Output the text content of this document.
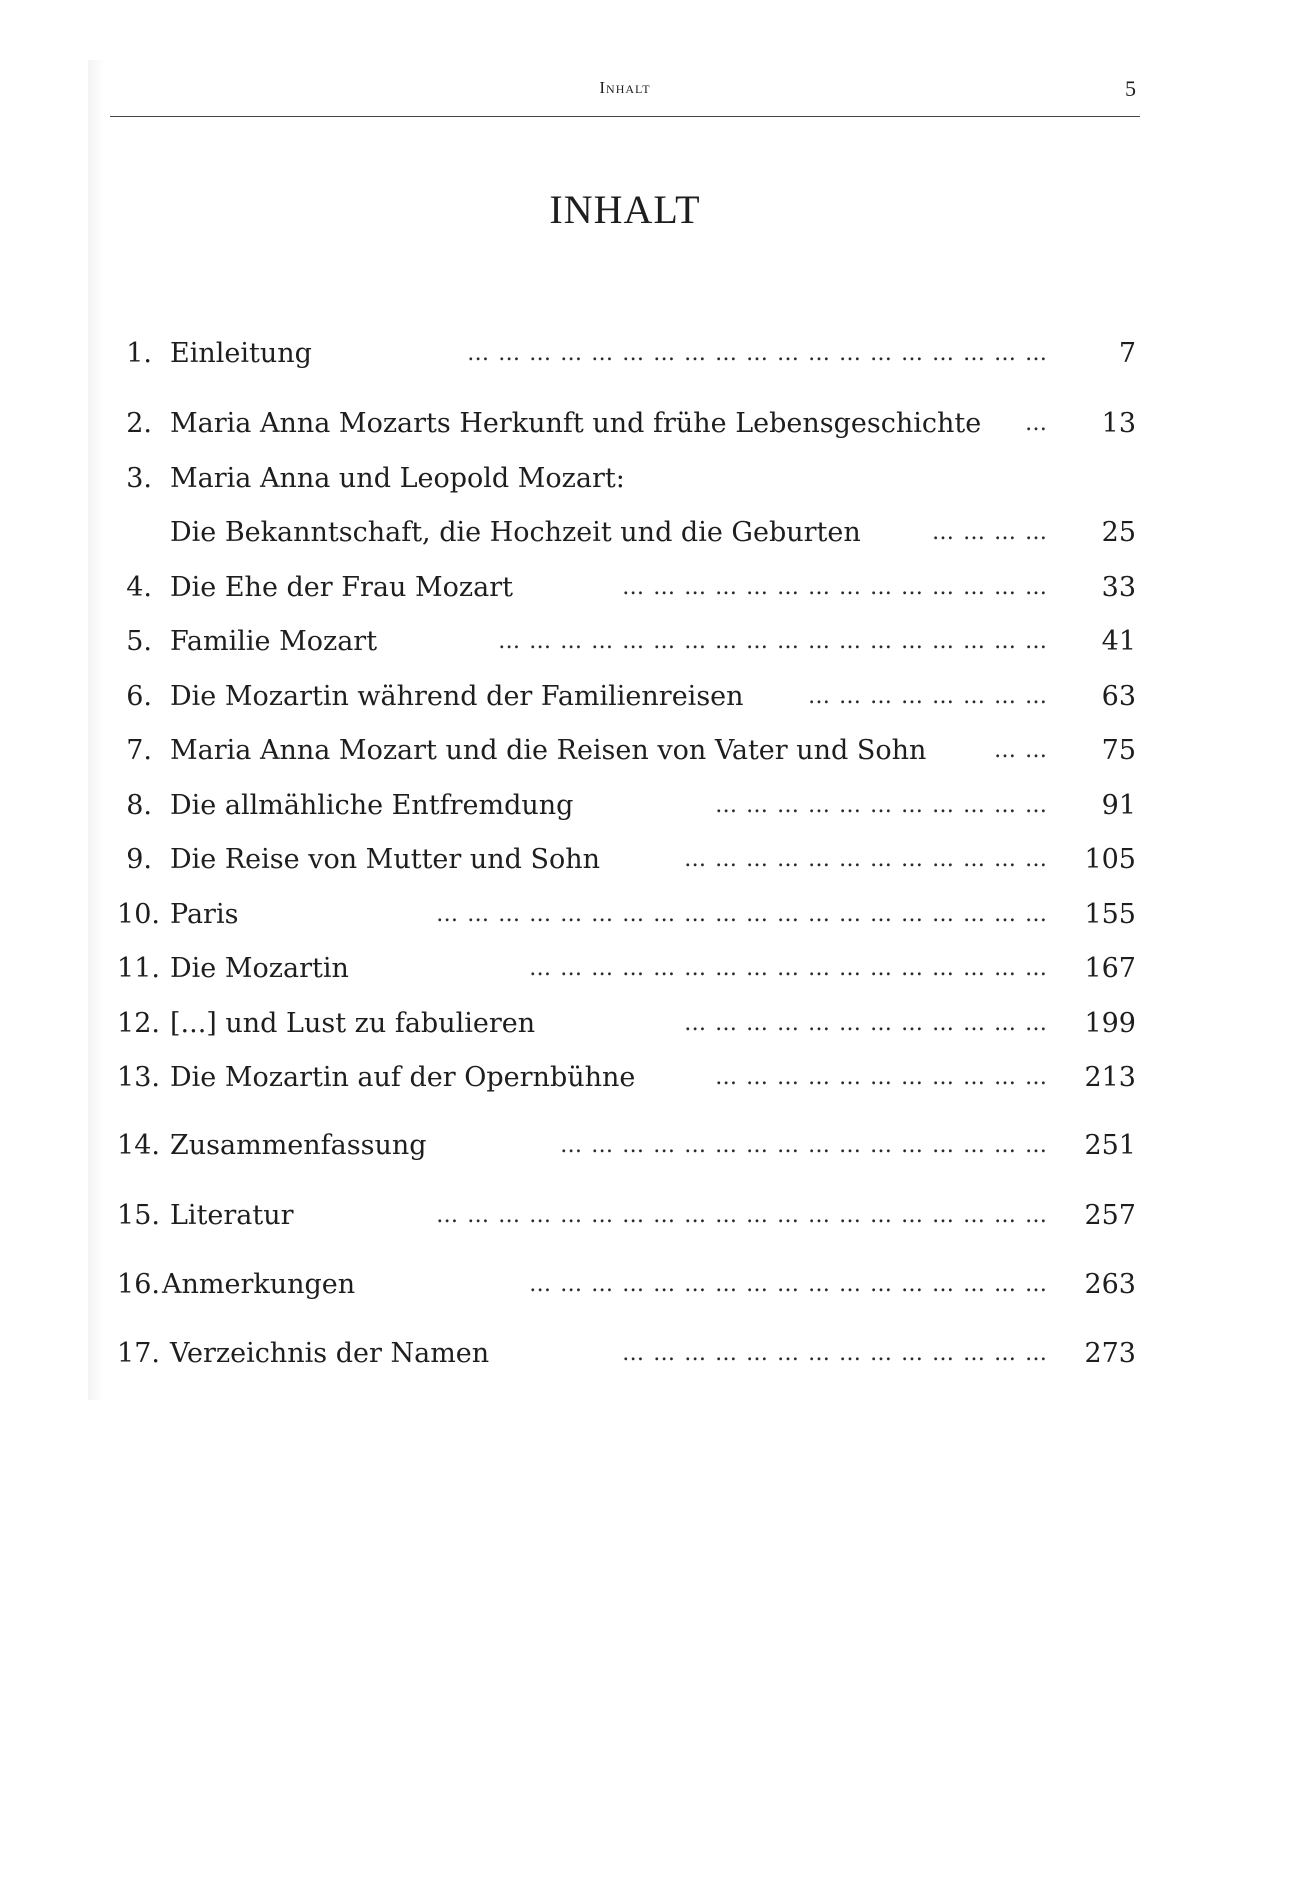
Inhalt	5
INHALT
1. Einleitung	… … … … … … … … … … … … … … … … … … …	7
2. Maria Anna Mozarts Herkunft und frühe Lebensgeschichte … 13
3. Maria Anna und Leopold Mozart:
Die Bekanntschaft, die Hochzeit und die Geburten	… … … … 25
4. Die Ehe der Frau Mozart	… … … … … … … … … … … … … … 33
5. Familie Mozart	… … … … … … … … … … … … … … … … … … 41
6. Die Mozartin während der Familienreisen	… … … … … … … … 63
7. Maria Anna Mozart und die Reisen von Vater und Sohn	… … 75
8. Die allmähliche Entfremdung	… … … … … … … … … … … 91
9. Die Reise von Mutter und Sohn	… … … … … … … … … … … … 105
10. Paris	… … … … … … … … … … … … … … … … … … … … 155
11. Die Mozartin	… … … … … … … … … … … … … … … … … 167
12. [...] und Lust zu fabulieren	… … … … … … … … … … … … 199
13. Die Mozartin auf der Opernbühne	… … … … … … … … … … … 213
14. Zusammenfassung	… … … … … … … … … … … … … … … … 251
15. Literatur	… … … … … … … … … … … … … … … … … … … … 257
16. Anmerkungen	… … … … … … … … … … … … … … … … … 263
17. Verzeichnis der Namen	… … … … … … … … … … … … … … 273
